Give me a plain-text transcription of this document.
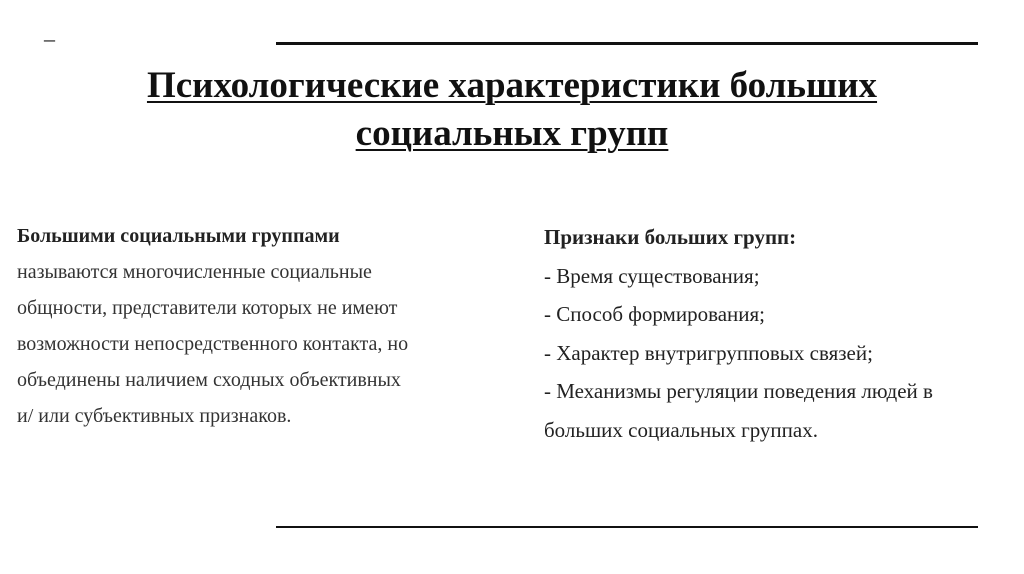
–
Психологические характеристики больших
социальных групп
Большими социальными группами называются многочисленные социальные общности, представители которых не имеют возможности непосредственного контакта, но объединены наличием сходных объективных и/ или субъективных признаков.
Признаки больших групп:
- Время существования;
- Способ формирования;
- Характер внутригрупповых связей;
- Механизмы регуляции поведения людей в больших социальных группах.
